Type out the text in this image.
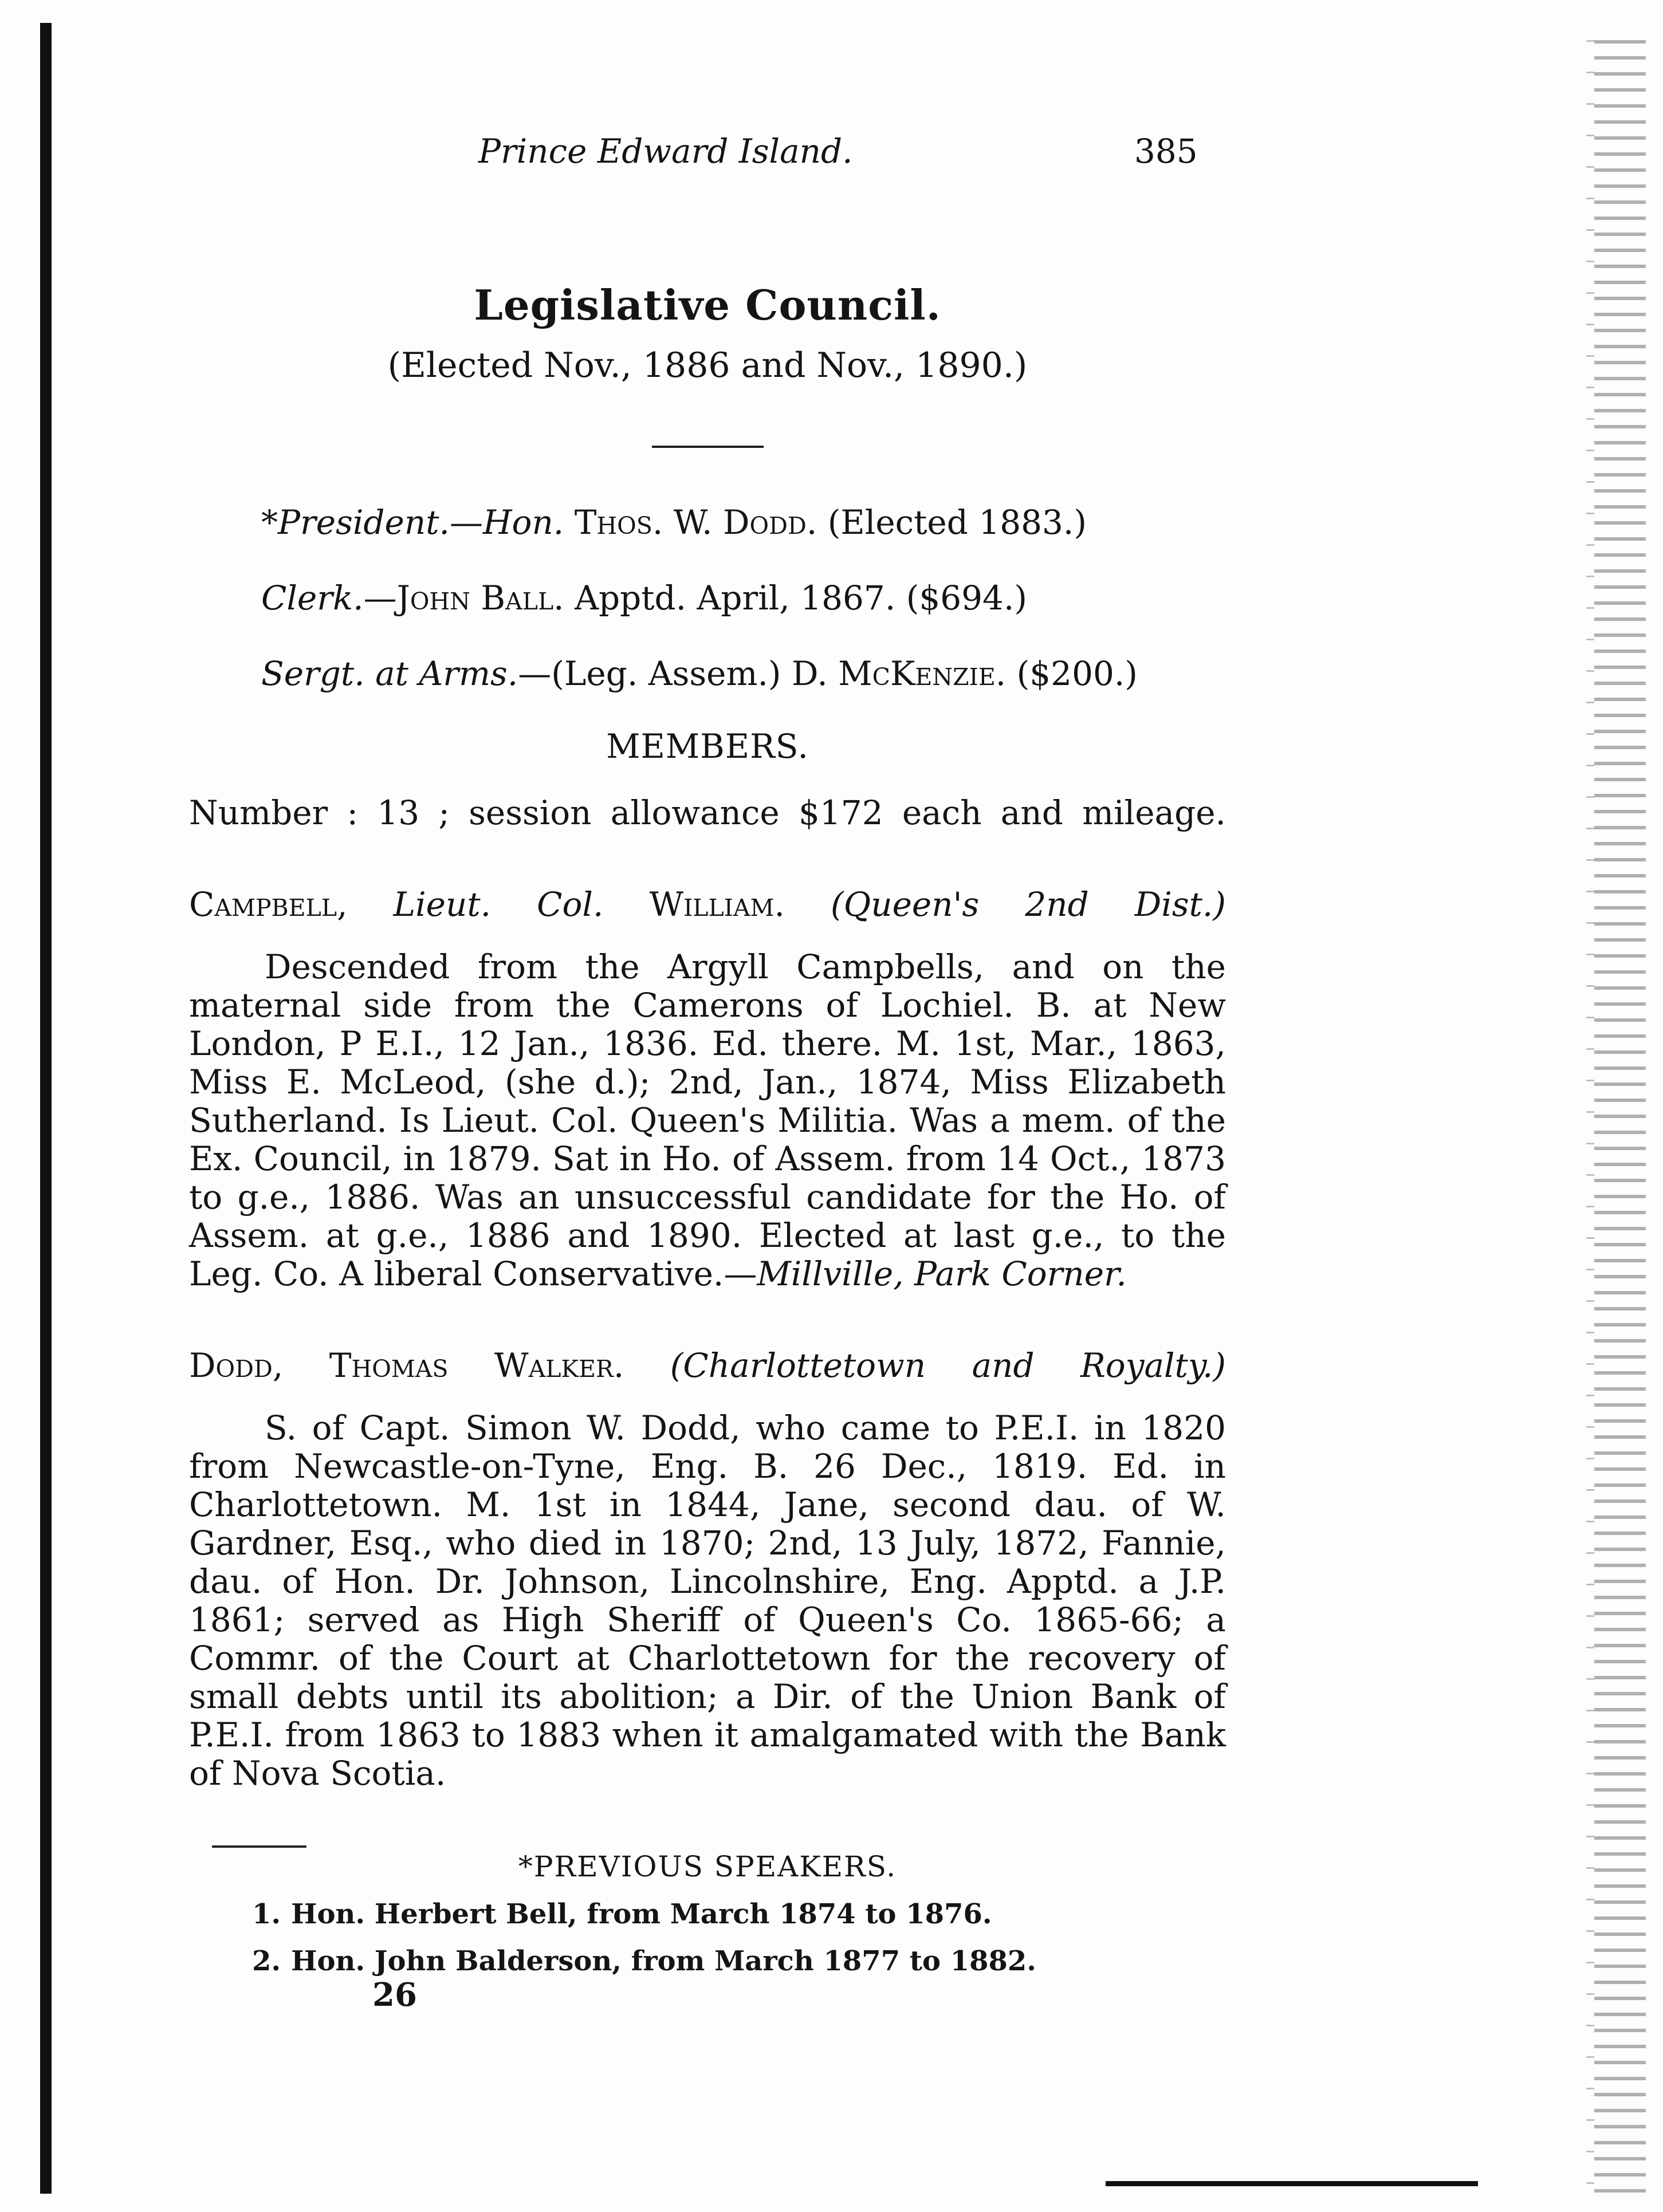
Prince Edward Island.	385
Legislative Council.
(Elected Nov., 1886 and Nov., 1890.)
*President.—Hon. Thos. W. Dodd. (Elected 1883.)
Clerk.—John Ball. Apptd. April, 1867. ($694.)
Sergt. at Arms.—(Leg. Assem.) D. McKenzie. ($200.)
MEMBERS.
Number : 13 ; session allowance $172 each and mileage.
Campbell, Lieut. Col. William. (Queen's 2nd Dist.)
Descended from the Argyll Campbells, and on the maternal side from the Camerons of Lochiel. B. at New London, P E.I., 12 Jan., 1836. Ed. there. M. 1st, Mar., 1863, Miss E. McLeod, (she d.); 2nd, Jan., 1874, Miss Elizabeth Sutherland. Is Lieut. Col. Queen's Militia. Was a mem. of the Ex. Council, in 1879. Sat in Ho. of Assem. from 14 Oct., 1873 to g.e., 1886. Was an unsuccessful candidate for the Ho. of Assem. at g.e., 1886 and 1890. Elected at last g.e., to the Leg. Co. A liberal Conservative.—Millville, Park Corner.
Dodd, Thomas Walker. (Charlottetown and Royalty.)
S. of Capt. Simon W. Dodd, who came to P.E.I. in 1820 from Newcastle-on-Tyne, Eng. B. 26 Dec., 1819. Ed. in Charlottetown. M. 1st in 1844, Jane, second dau. of W. Gardner, Esq., who died in 1870; 2nd, 13 July, 1872, Fannie, dau. of Hon. Dr. Johnson, Lincolnshire, Eng. Apptd. a J.P. 1861; served as High Sheriff of Queen's Co. 1865-66; a Commr. of the Court at Charlottetown for the recovery of small debts until its abolition; a Dir. of the Union Bank of P.E.I. from 1863 to 1883 when it amalgamated with the Bank of Nova Scotia.
*PREVIOUS SPEAKERS.
1. Hon. Herbert Bell, from March 1874 to 1876.
2. Hon. John Balderson, from March 1877 to 1882.
26
